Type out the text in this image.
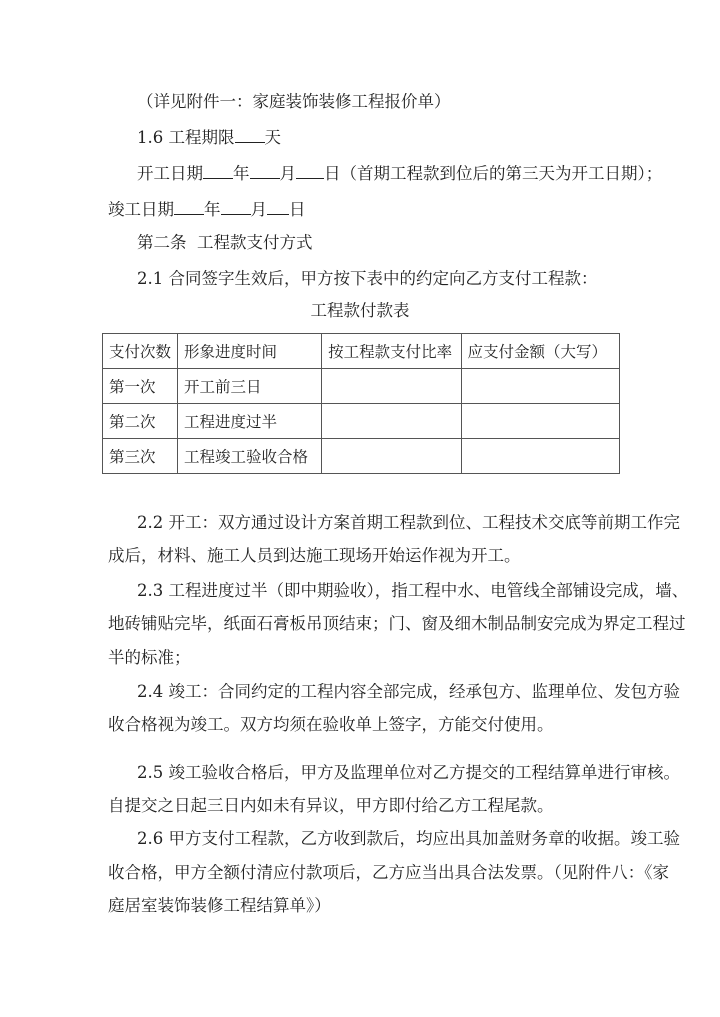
（详见附件一：家庭装饰装修工程报价单）
1.6 工程期限 天
开工日期 年 月 日（首期工程款到位后的第三天为开工日期）；
竣工日期 年 月 日
第二条  工程款支付方式
2.1 合同签字生效后，甲方按下表中的约定向乙方支付工程款：
工程款付款表
支付次数	形象进度时间	按工程款支付比率	应支付金额（大写）
第一次	开工前三日		
第二次	工程进度过半		
第三次	工程竣工验收合格		
2.2 开工：双方通过设计方案首期工程款到位、工程技术交底等前期工作完
成后，材料、施工人员到达施工现场开始运作视为开工。
2.3 工程进度过半（即中期验收），指工程中水、电管线全部铺设完成，墙、
地砖铺贴完毕，纸面石膏板吊顶结束；门、窗及细木制品制安完成为界定工程过
半的标准；
2.4 竣工：合同约定的工程内容全部完成，经承包方、监理单位、发包方验
收合格视为竣工。双方均须在验收单上签字，方能交付使用。
2.5 竣工验收合格后，甲方及监理单位对乙方提交的工程结算单进行审核。
自提交之日起三日内如未有异议，甲方即付给乙方工程尾款。
2.6 甲方支付工程款，乙方收到款后，均应出具加盖财务章的收据。竣工验
收合格，甲方全额付清应付款项后，乙方应当出具合法发票。（见附件八：《家
庭居室装饰装修工程结算单》）
